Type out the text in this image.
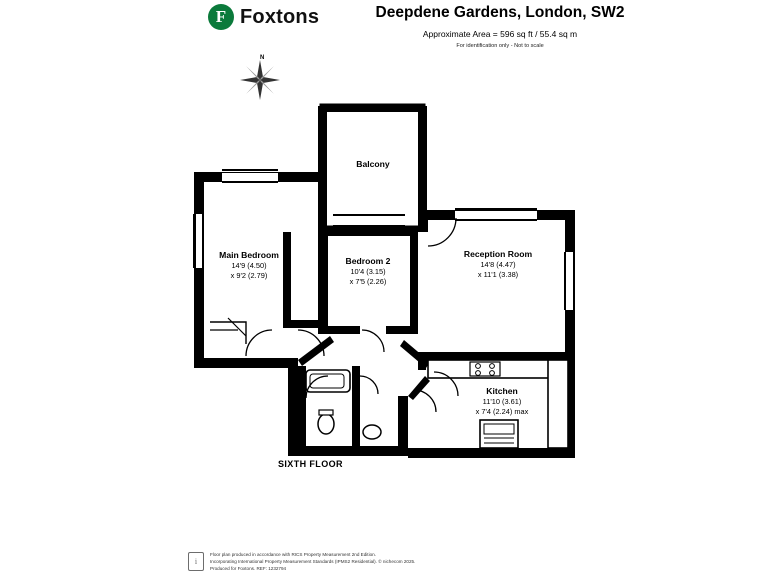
F Foxtons	Deepdene Gardens, London, SW2
Approximate Area = 596 sq ft / 55.4 sq m
For identification only - Not to scale
N
Balcony
Main Bedroom
14'9 (4.50)
x 9'2 (2.79)
Bedroom 2
10'4 (3.15)
x 7'5 (2.26)
Reception Room
14'8 (4.47)
x 11'1 (3.38)
Kitchen
11'10 (3.61)
x 7'4 (2.24) max
SIXTH FLOOR
i
Floor plan produced in accordance with RICS Property Measurement 2nd Edition.
Incorporating International Property Measurement Standards (IPMS2 Residential). © nichecom 2025.
Produced for Foxtons. REF: 1232794
